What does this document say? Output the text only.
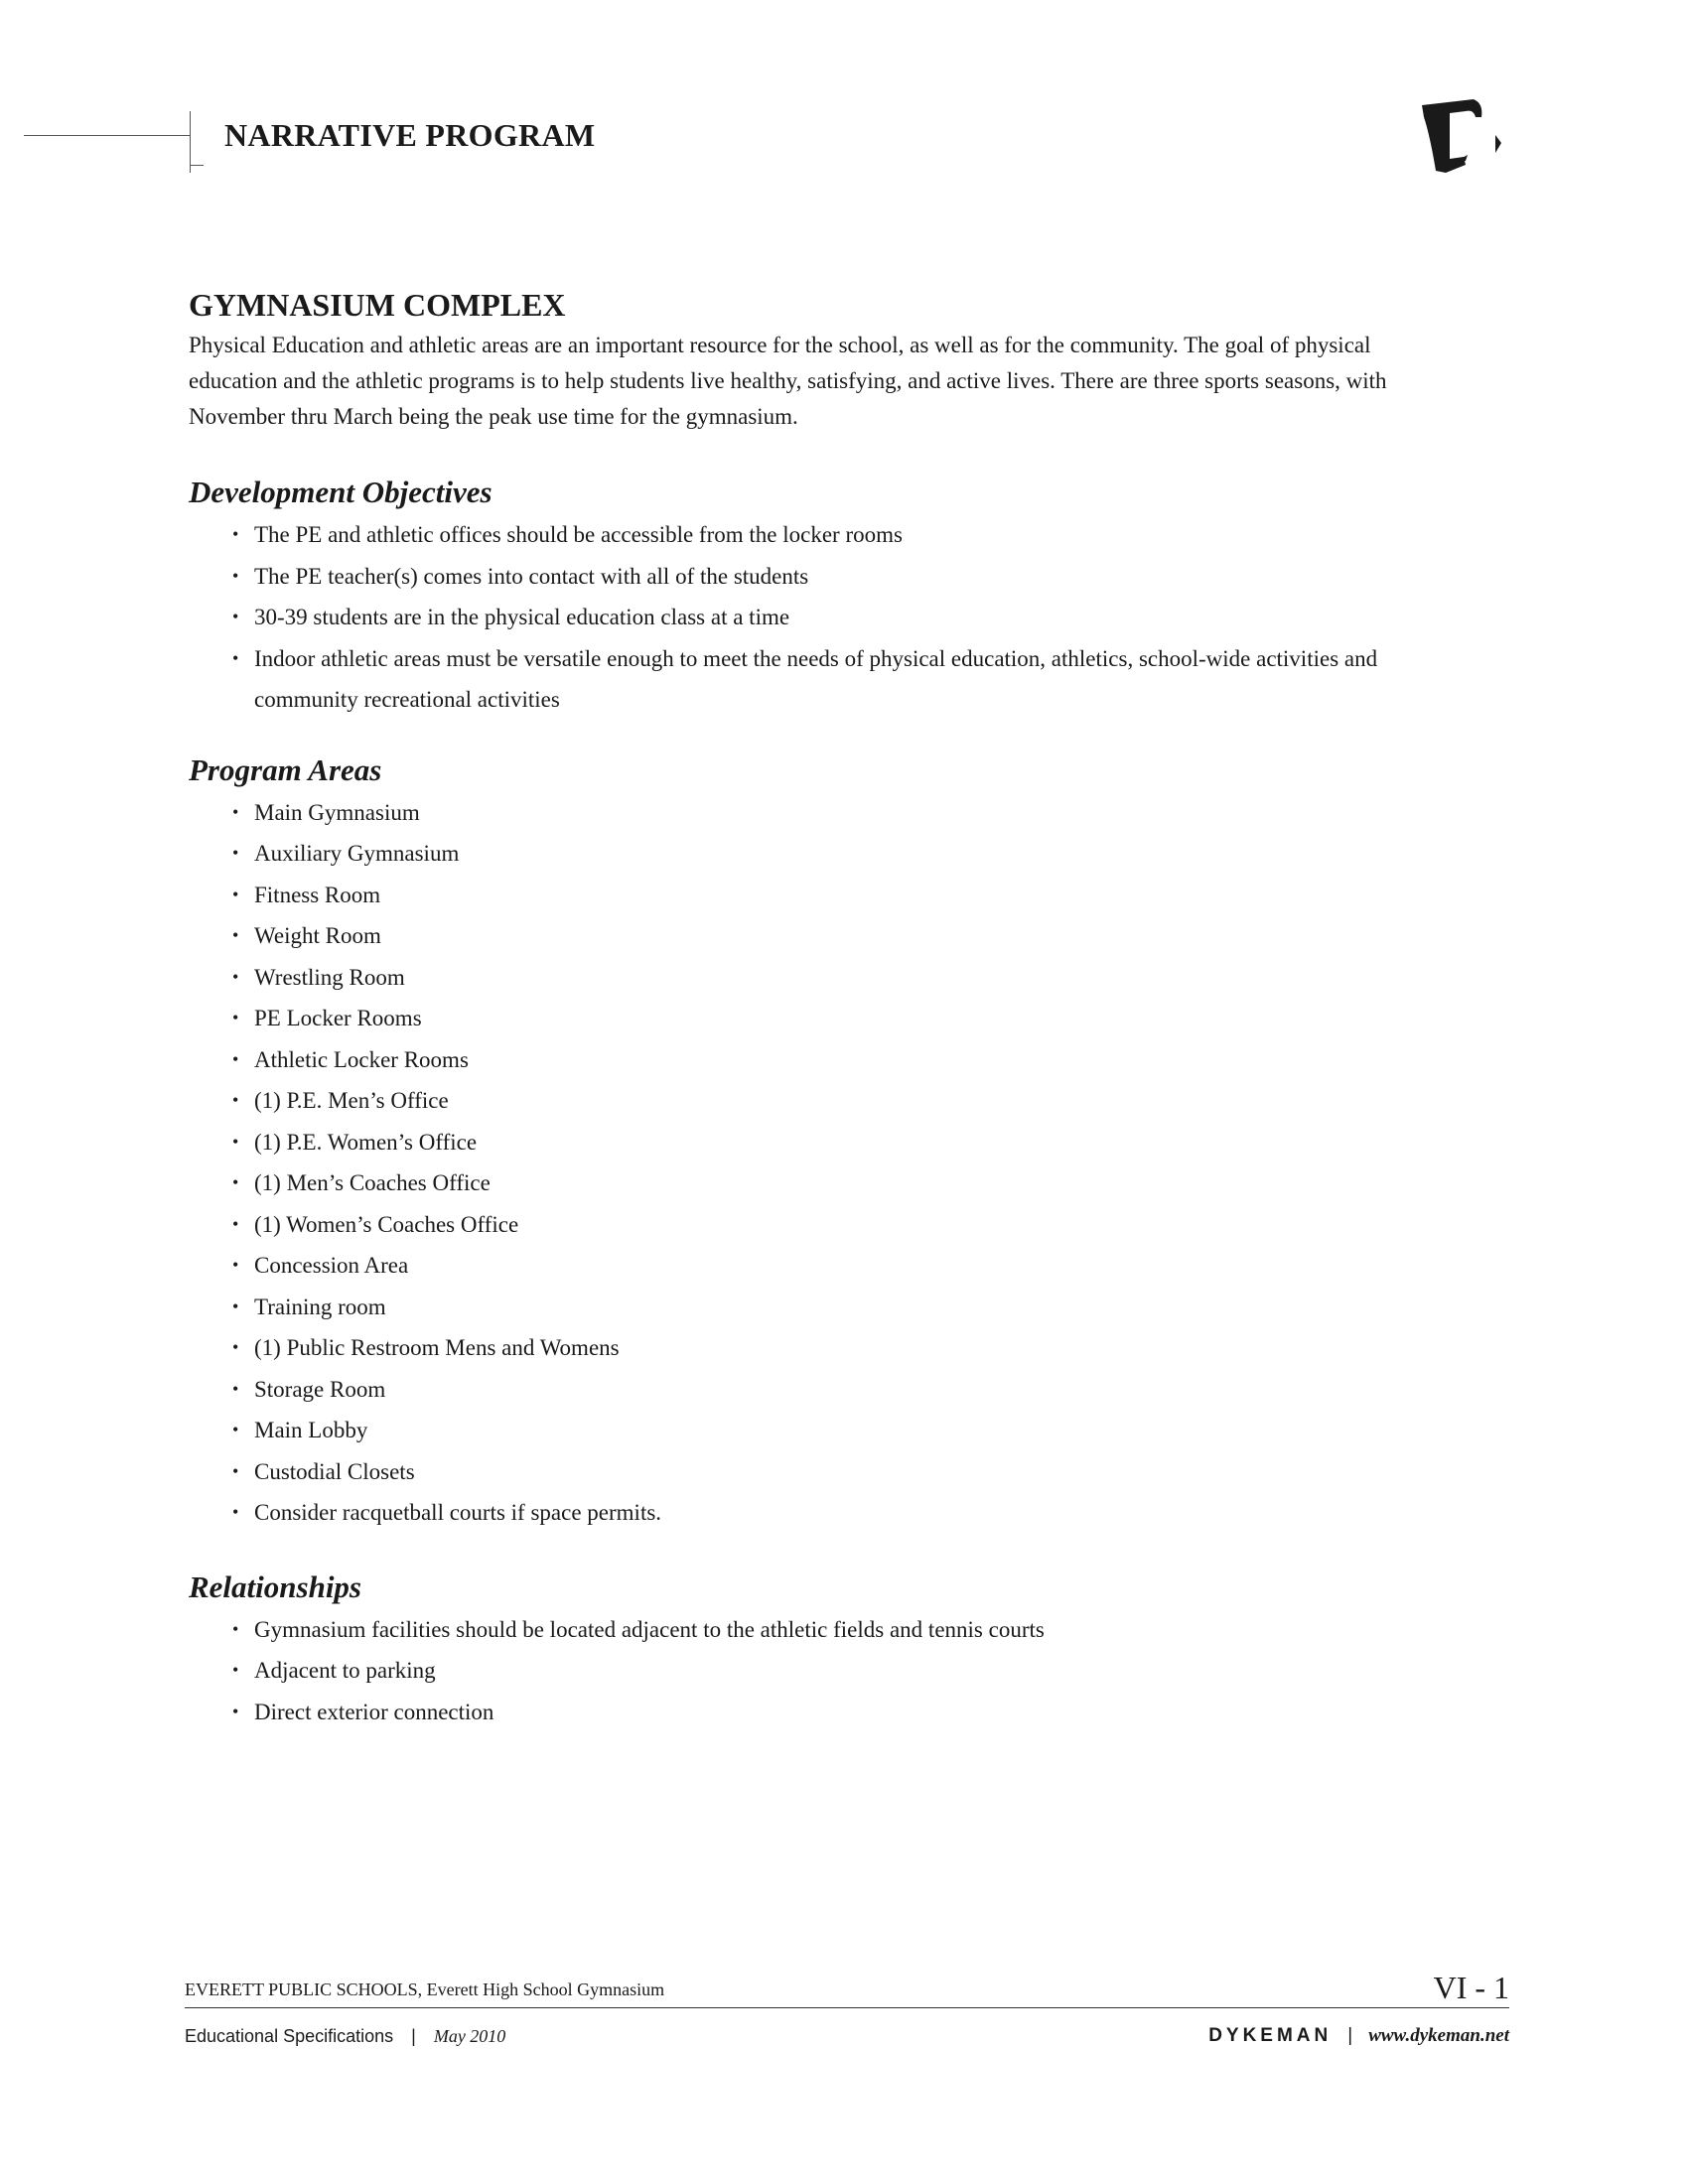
NARRATIVE PROGRAM
GYMNASIUM COMPLEX

Physical Education and athletic areas are an important resource for the school, as well as for the community. The goal of physical education and the athletic programs is to help students live healthy, satisfying, and active lives. There are three sports seasons, with November thru March being the peak use time for the gymnasium.

Development Objectives
• The PE and athletic offices should be accessible from the locker rooms
• The PE teacher(s) comes into contact with all of the students
• 30-39 students are in the physical education class at a time
• Indoor athletic areas must be versatile enough to meet the needs of physical education, athletics, school-wide activities and community recreational activities
Program Areas
• Main Gymnasium
• Auxiliary Gymnasium
• Fitness Room
• Weight Room
• Wrestling Room
• PE Locker Rooms
• Athletic Locker Rooms
• (1) P.E. Men’s Office
• (1) P.E. Women’s Office
• (1) Men’s Coaches Office
• (1) Women’s Coaches Office
• Concession Area
• Training room
• (1) Public Restroom Mens and Womens
• Storage Room
• Main Lobby
• Custodial Closets
• Consider racquetball courts if space permits.
Relationships
• Gymnasium facilities should be located adjacent to the athletic fields and tennis courts
• Adjacent to parking
• Direct exterior connection
EVERETT PUBLIC SCHOOLS, Everett High School Gymnasium	VI - 1
Educational Specifications | May 2010	DYKEMAN | www.dykeman.net
